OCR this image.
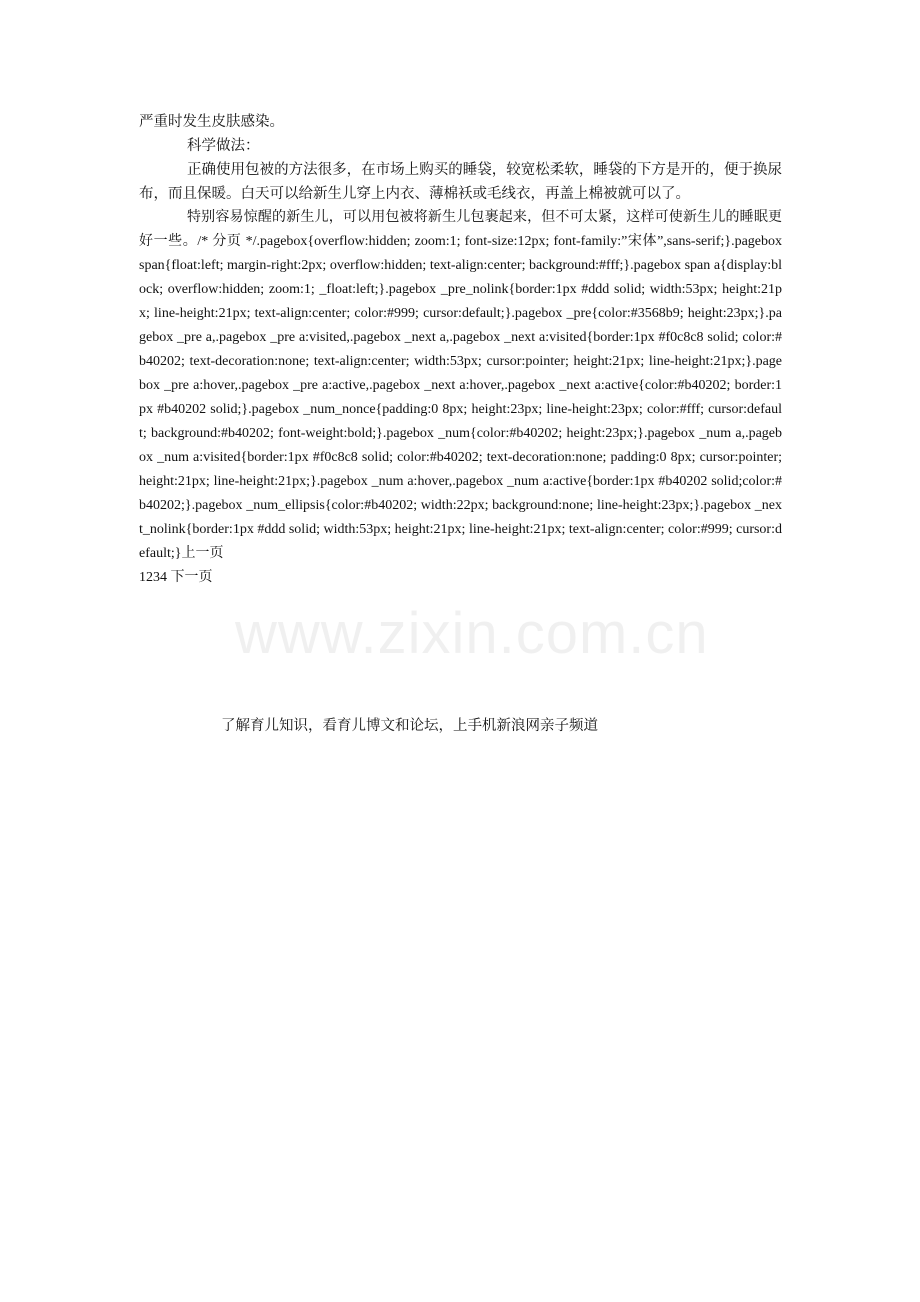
www.zixin.com.cn

严重时发生皮肤感染。

科学做法：

正确使用包被的方法很多，在市场上购买的睡袋，较宽松柔软，睡袋的下方是开的，便于换尿布，而且保暖。白天可以给新生儿穿上内衣、薄棉袄或毛线衣，再盖上棉被就可以了。

特别容易惊醒的新生儿，可以用包被将新生儿包裹起来，但不可太紧，这样可使新生儿的睡眠更好一些。/* 分页 */.pagebox{overflow:hidden; zoom:1; font-size:12px; font-family:”宋体”,sans-serif;}.pagebox span{float:left; margin-right:2px; overflow:hidden; text-align:center; background:#fff;}.pagebox span a{display:block; overflow:hidden; zoom:1; _float:left;}.pagebox _pre_nolink{border:1px #ddd solid; width:53px; height:21px; line-height:21px; text-align:center; color:#999; cursor:default;}.pagebox _pre{color:#3568b9; height:23px;}.pagebox _pre a,.pagebox _pre a:visited,.pagebox _next a,.pagebox _next a:visited{border:1px #f0c8c8 solid; color:#b40202; text-decoration:none; text-align:center; width:53px; cursor:pointer; height:21px; line-height:21px;}.pagebox _pre a:hover,.pagebox _pre a:active,.pagebox _next a:hover,.pagebox _next a:active{color:#b40202; border:1px #b40202 solid;}.pagebox _num_nonce{padding:0 8px; height:23px; line-height:23px; color:#fff; cursor:default; background:#b40202; font-weight:bold;}.pagebox _num{color:#b40202; height:23px;}.pagebox _num a,.pagebox _num a:visited{border:1px #f0c8c8 solid; color:#b40202; text-decoration:none; padding:0 8px; cursor:pointer; height:21px; line-height:21px;}.pagebox _num a:hover,.pagebox _num a:active{border:1px #b40202 solid;color:#b40202;}.pagebox _num_ellipsis{color:#b40202; width:22px; background:none; line-height:23px;}.pagebox _next_nolink{border:1px #ddd solid; width:53px; height:21px; line-height:21px; text-align:center; color:#999; cursor:default;}上一页
1234 下一页

了解育儿知识，看育儿博文和论坛，上手机新浪网亲子频道
